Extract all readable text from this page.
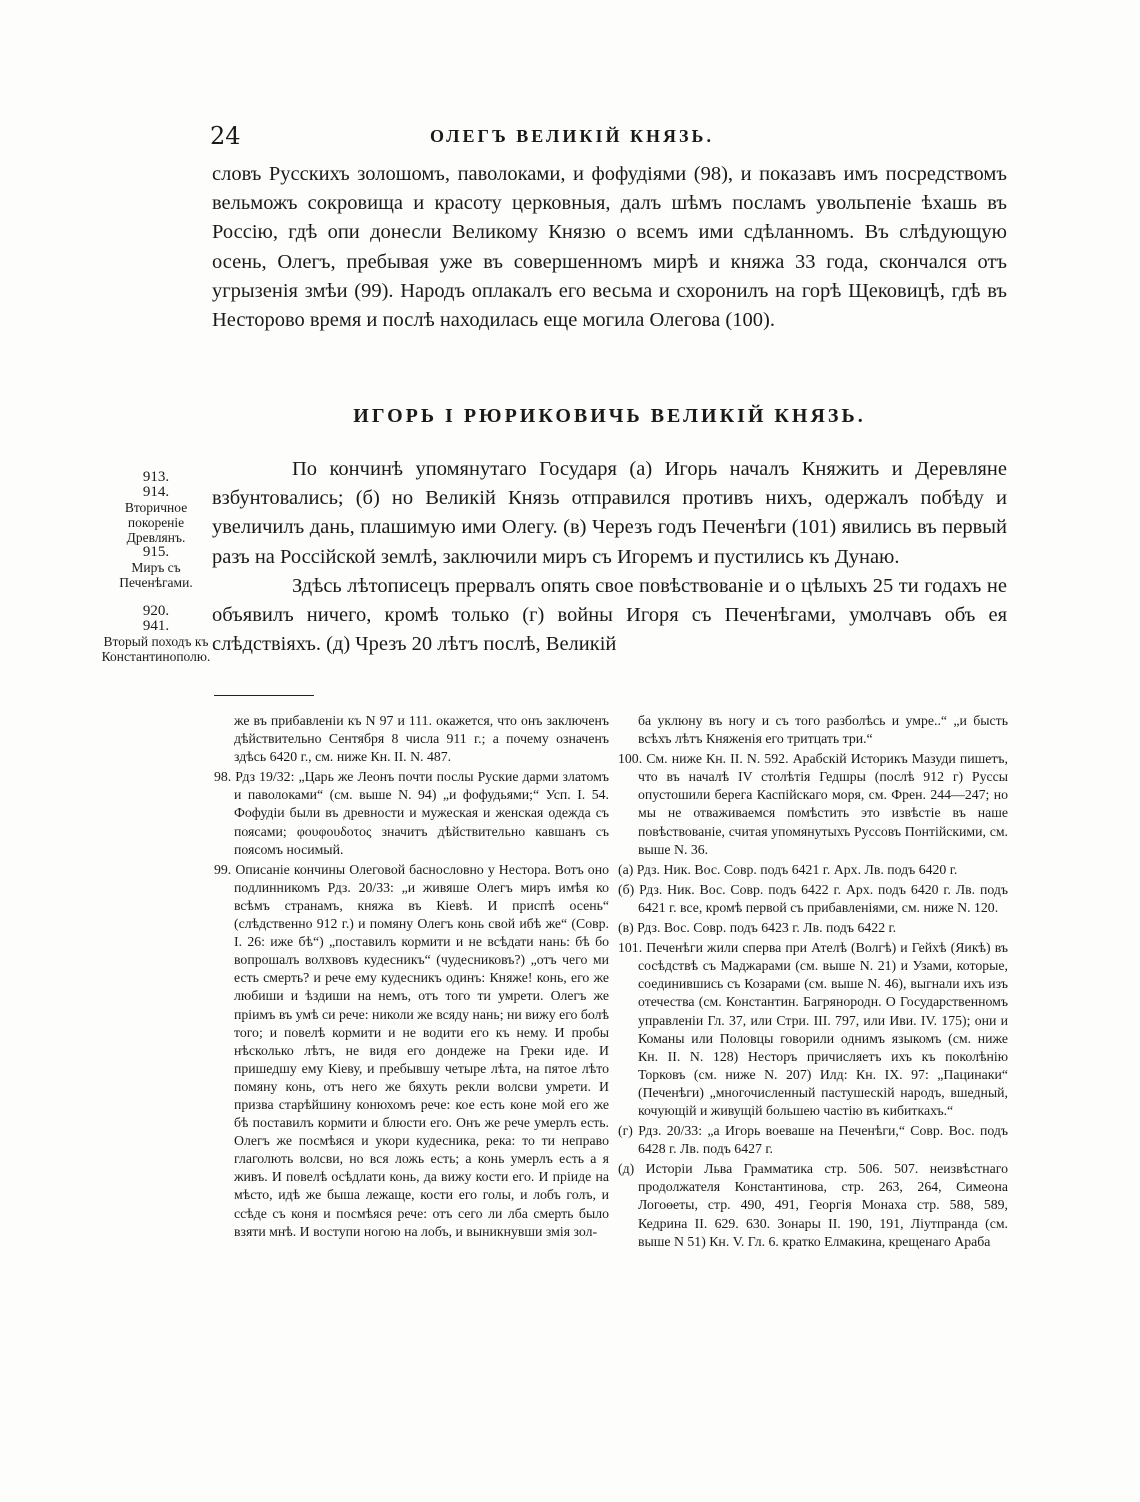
24	ОЛЕГЪ ВЕЛИКІЙ КНЯЗЬ.

словъ Русскихъ золошомъ, паволоками, и фофудіями (98), и показавъ имъ посредствомъ вельможъ сокровища и красоту церковныя, далъ шѣмъ посламъ увольпеніе ѣхашь въ Россію, гдѣ опи донесли Великому Князю о всемъ ими сдѣланномъ. Въ слѣдующую осень, Олегъ, пребывая уже въ совершенномъ мирѣ и княжа 33 года, скончался отъ угрызенія змѣи (99). Народъ оплакалъ его весьма и схоронилъ на горѣ Щековицѣ, гдѣ въ Несторово время и послѣ находилась еще могила Олегова (100).

ИГОРЬ І РЮРИКОВИЧЬ ВЕЛИКІЙ КНЯЗЬ.
913.
914.
Вторичное покореніе Древлянъ.
915.
Миръ съ Печенѣгами.
920.
941.
Вторый походъ къ Константинополю.

По кончинѣ упомянутаго Государя (а) Игорь началъ Княжить и Деревляне взбунтовались; (б) но Великій Князь отправился противъ нихъ, одержалъ побѣду и увеличилъ дань, плашимую ими Олегу. (в) Черезъ годъ Печенѣги (101) явились въ первый разъ на Россійской землѣ, заключили миръ съ Игоремъ и пустились къ Дунаю.

Здѣсь лѣтописецъ прервалъ опять свое повѣствованіе и о цѣлыхъ 25 ти годахъ не объявилъ ничего, кромѣ только (г) войны Игоря съ Печенѣгами, умолчавъ объ ея слѣдствіяхъ. (д) Чрезъ 20 лѣтъ послѣ, Великій

же въ прибавленіи къ N 97 и 111. окажется, что онъ заключенъ дѣйствительно Сентября 8 числа 911 г.; а почему означенъ здѣсь 6420 г., см. ниже Кн. II. N. 487.

98. Рдз 19/32: „Царь же Леонъ почти послы Руские дарми златомъ и паволоками“ (см. выше N. 94) „и фофудьями;“ Усп. I. 54. Фофудіи были въ древности и мужеская и женская одежда съ поясами; φουφουδοτος значитъ дѣйствительно кавшанъ съ поясомъ носимый.

99. Описаніе кончины Олеговой баснословно у Нестора. Вотъ оно подлинникомъ Рдз. 20/33: „и живяше Олегъ миръ имѣя ко всѣмъ странамъ, княжа въ Кіевѣ. И приспѣ осень“ (слѣдственно 912 г.) и помяну Олегъ конь свой ибѣ же“ (Совр. I. 26: иже бѣ“) „поставилъ кормити и не всѣдати нань: бѣ бо вопрошалъ волхвовъ кудесникъ“ (чудесниковъ?) „отъ чего ми есть смерть? и рече ему кудесникъ одинъ: Княже! конь, его же любиши и ѣздиши на немъ, отъ того ти умрети. Олегъ же пріимъ въ умѣ си рече: николи же всяду нань; ни вижу его болѣ того; и повелѣ кормити и не водити его къ нему. И пробы нѣсколько лѣтъ, не видя его дондеже на Греки иде. И пришедшу ему Кіеву, и пребывшу четыре лѣта, на пятое лѣто помяну конь, отъ него же бяхуть рекли волсви умрети. И призва старѣйшину конюхомъ рече: кое есть коне мой его же бѣ поставилъ кормити и блюсти его. Онъ же рече умерлъ есть. Олегъ же посмѣяся и укори кудесника, река: то ти неправо глаголють волсви, но вся ложь есть; а конь умерлъ есть а я живъ. И повелѣ осѣдлати конь, да вижу кости его. И пріиде на мѣсто, идѣ же быша лежаще, кости его голы, и лобъ голъ, и ссѣде съ коня и посмѣяся рече: отъ сего ли лба смерть было взяти мнѣ. И воступи ногою на лобъ, и выникнувши змія зол-

ба уклюну въ ногу и съ того разболѣсь и умре..“ „и бысть всѣхъ лѣтъ Княженія его тритцать три.“

100. См. ниже Кн. II. N. 592. Арабскій Историкъ Мазуди пишетъ, что въ началѣ IV столѣтія Гедшры (послѣ 912 г) Руссы опустошили берега Каспійскаго моря, см. Френ. 244—247; но мы не отваживаемся помѣстить это извѣстіе въ наше повѣствованіе, считая упомянутыхъ Руссовъ Понтійскими, см. выше N. 36.

(а) Рдз. Ник. Вос. Совр. подъ 6421 г. Арх. Лв. подъ 6420 г.

(б) Рдз. Ник. Вос. Совр. подъ 6422 г. Арх. подъ 6420 г. Лв. подъ 6421 г. все, кромѣ первой съ прибавленіями, см. ниже N. 120.

(в) Рдз. Вос. Совр. подъ 6423 г. Лв. подъ 6422 г.

101. Печенѣги жили сперва при Ателѣ (Волгѣ) и Гейхѣ (Яикѣ) въ сосѣдствѣ съ Маджарами (см. выше N. 21) и Узами, которые, соединившись съ Козарами (см. выше N. 46), выгнали ихъ изъ отечества (см. Константин. Багрянородн. О Государственномъ управленіи Гл. 37, или Стри. III. 797, или Иви. IV. 175); они и Команы или Половцы говорили однимъ языкомъ (см. ниже Кн. II. N. 128) Несторъ причисляетъ ихъ къ поколѣнію Торковъ (см. ниже N. 207) Илд: Кн. IX. 97: „Пацинаки“ (Печенѣги) „многочисленный пастушескій народъ, вшедный, кочующій и живущій большею частію въ кибиткахъ.“

(г) Рдз. 20/33: „а Игорь воеваше на Печенѣги,“ Совр. Вос. подъ 6428 г. Лв. подъ 6427 г.

(д) Исторіи Льва Грамматика стр. 506. 507. неизвѣстнаго продолжателя Константинова, стр. 263, 264, Симеона Логоѳеты, стр. 490, 491, Георгія Монаха стр. 588, 589, Кедрина II. 629. 630. Зонары II. 190, 191, Ліутпранда (см. выше N 51) Кн. V. Гл. 6. кратко Елмакина, крещенаго Араба
